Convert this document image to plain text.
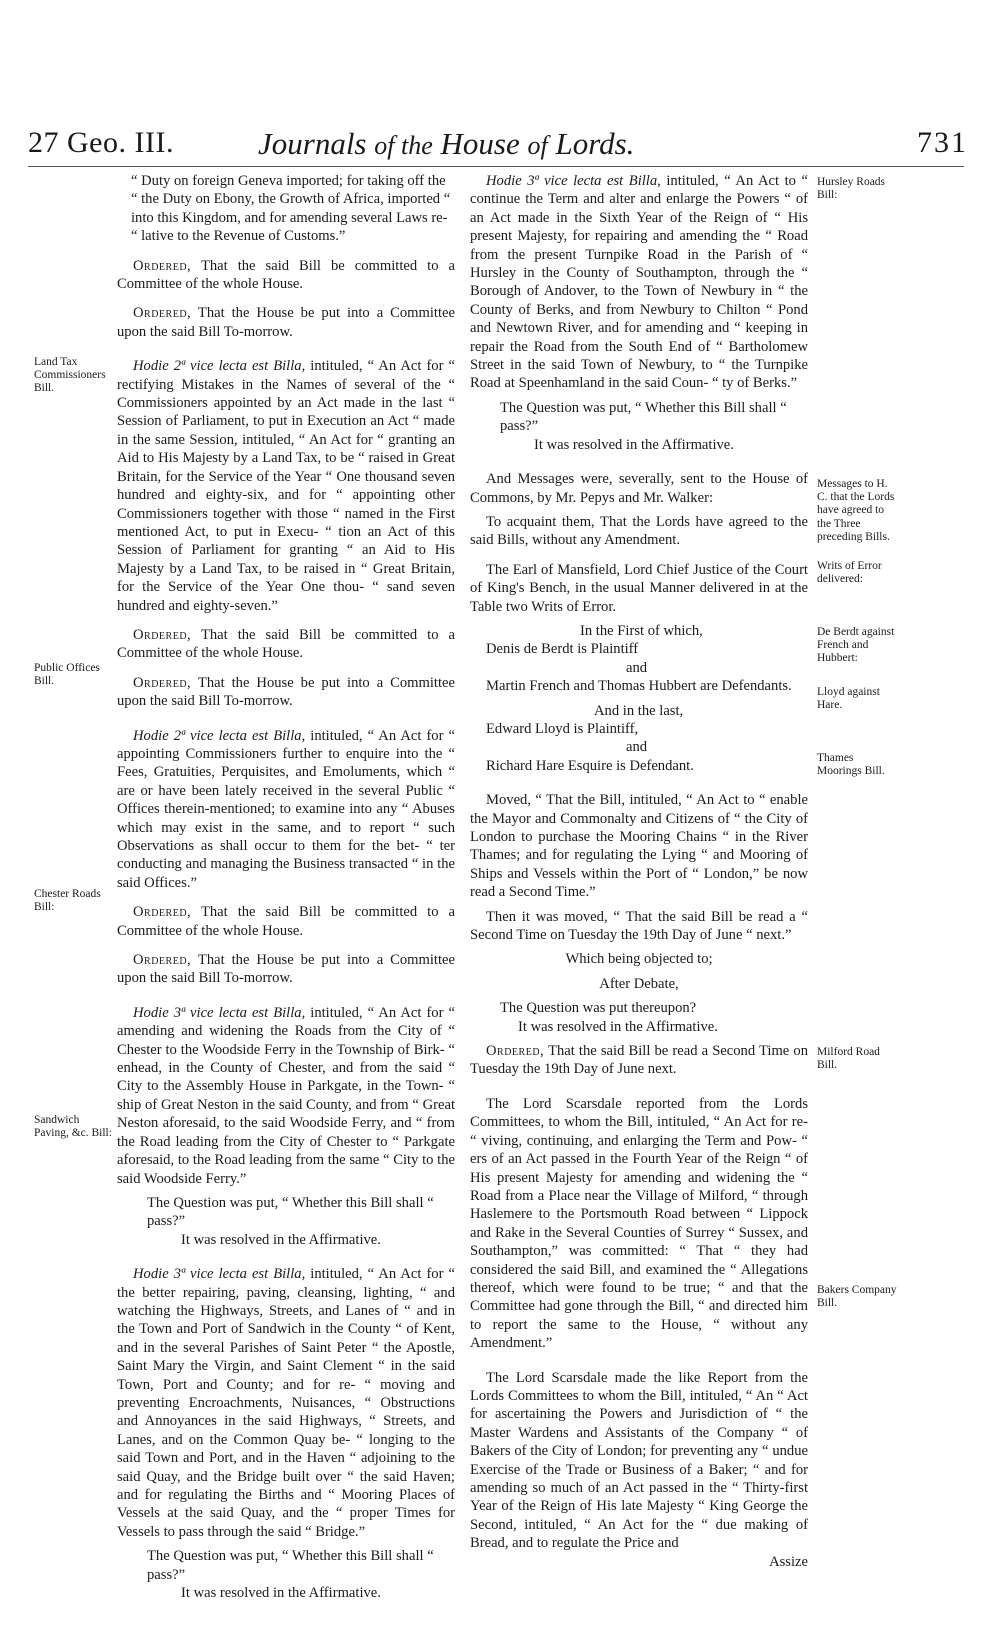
27 Geo. III.	Journals of the House of Lords.	731

“ Duty on foreign Geneva imported; for taking off the “ the Duty on Ebony, the Growth of Africa, imported “ into this Kingdom, and for amending several Laws re- “ lative to the Revenue of Customs.”

Ordered, That the said Bill be committed to a Committee of the whole House.

Ordered, That the House be put into a Committee upon the said Bill To-morrow.

Hodie 2ª vice lecta est Billa, intituled, “ An Act for “ rectifying Mistakes in the Names of several of the “ Commissioners appointed by an Act made in the last “ Session of Parliament, to put in Execution an Act “ made in the same Session, intituled, “ An Act for “ granting an Aid to His Majesty by a Land Tax, to be “ raised in Great Britain, for the Service of the Year “ One thousand seven hundred and eighty-six, and for “ appointing other Commissioners together with those “ named in the First mentioned Act, to put in Execu- “ tion an Act of this Session of Parliament for granting “ an Aid to His Majesty by a Land Tax, to be raised in “ Great Britain, for the Service of the Year One thou- “ sand seven hundred and eighty-seven.”

Ordered, That the said Bill be committed to a Committee of the whole House.

Ordered, That the House be put into a Committee upon the said Bill To-morrow.

Hodie 2ª vice lecta est Billa, intituled, “ An Act for “ appointing Commissioners further to enquire into the “ Fees, Gratuities, Perquisites, and Emoluments, which “ are or have been lately received in the several Public “ Offices therein-mentioned; to examine into any “ Abuses which may exist in the same, and to report “ such Observations as shall occur to them for the bet- “ ter conducting and managing the Business transacted “ in the said Offices.”

Ordered, That the said Bill be committed to a Committee of the whole House.

Ordered, That the House be put into a Committee upon the said Bill To-morrow.

Hodie 3ª vice lecta est Billa, intituled, “ An Act for “ amending and widening the Roads from the City of “ Chester to the Woodside Ferry in the Township of Birk- “ enhead, in the County of Chester, and from the said “ City to the Assembly House in Parkgate, in the Town- “ ship of Great Neston in the said County, and from “ Great Neston aforesaid, to the said Woodside Ferry, and “ from the Road leading from the City of Chester to “ Parkgate aforesaid, to the Road leading from the same “ City to the said Woodside Ferry.”

The Question was put, “ Whether this Bill shall “ pass?”

It was resolved in the Affirmative.

Hodie 3ª vice lecta est Billa, intituled, “ An Act for “ the better repairing, paving, cleansing, lighting, “ and watching the Highways, Streets, and Lanes of “ and in the Town and Port of Sandwich in the County “ of Kent, and in the several Parishes of Saint Peter “ the Apostle, Saint Mary the Virgin, and Saint Clement “ in the said Town, Port and County; and for re- “ moving and preventing Encroachments, Nuisances, “ Obstructions and Annoyances in the said Highways, “ Streets, and Lanes, and on the Common Quay be- “ longing to the said Town and Port, and in the Haven “ adjoining to the said Quay, and the Bridge built over “ the said Haven; and for regulating the Births and “ Mooring Places of Vessels at the said Quay, and the “ proper Times for Vessels to pass through the said “ Bridge.”

The Question was put, “ Whether this Bill shall “ pass?”

It was resolved in the Affirmative.

Land Tax Commissioners Bill.
Public Offices Bill.
Chester Roads Bill:
Sandwich Paving, &c. Bill:

Hodie 3ª vice lecta est Billa, intituled, “ An Act to “ continue the Term and alter and enlarge the Powers “ of an Act made in the Sixth Year of the Reign of “ His present Majesty, for repairing and amending the “ Road from the present Turnpike Road in the Parish of “ Hursley in the County of Southampton, through the “ Borough of Andover, to the Town of Newbury in “ the County of Berks, and from Newbury to Chilton “ Pond and Newtown River, and for amending and “ keeping in repair the Road from the South End of “ Bartholomew Street in the said Town of Newbury, to “ the Turnpike Road at Speenhamland in the said Coun- “ ty of Berks.”

The Question was put, “ Whether this Bill shall “ pass?”

It was resolved in the Affirmative.

And Messages were, severally, sent to the House of Commons, by Mr. Pepys and Mr. Walker:

To acquaint them, That the Lords have agreed to the said Bills, without any Amendment.

The Earl of Mansfield, Lord Chief Justice of the Court of King's Bench, in the usual Manner delivered in at the Table two Writs of Error.

In the First of which,

Denis de Berdt is Plaintiff

and

Martin French and Thomas Hubbert are Defendants.

And in the last,

Edward Lloyd is Plaintiff,

and

Richard Hare Esquire is Defendant.

Moved, “ That the Bill, intituled, “ An Act to “ enable the Mayor and Commonalty and Citizens of “ the City of London to purchase the Mooring Chains “ in the River Thames; and for regulating the Lying “ and Mooring of Ships and Vessels within the Port of “ London,” be now read a Second Time.”

Then it was moved, “ That the said Bill be read a “ Second Time on Tuesday the 19th Day of June “ next.”

Which being objected to;

After Debate,

The Question was put thereupon?

It was resolved in the Affirmative.

Ordered, That the said Bill be read a Second Time on Tuesday the 19th Day of June next.

The Lord Scarsdale reported from the Lords Committees, to whom the Bill, intituled, “ An Act for re- “ viving, continuing, and enlarging the Term and Pow- “ ers of an Act passed in the Fourth Year of the Reign “ of His present Majesty for amending and widening the “ Road from a Place near the Village of Milford, “ through Haslemere to the Portsmouth Road between “ Lippock and Rake in the Several Counties of Surrey “ Sussex, and Southampton,” was committed: “ That “ they had considered the said Bill, and examined the “ Allegations thereof, which were found to be true; “ and that the Committee had gone through the Bill, “ and directed him to report the same to the House, “ without any Amendment.”

The Lord Scarsdale made the like Report from the Lords Committees to whom the Bill, intituled, “ An “ Act for ascertaining the Powers and Jurisdiction of “ the Master Wardens and Assistants of the Company “ of Bakers of the City of London; for preventing any “ undue Exercise of the Trade or Business of a Baker; “ and for amending so much of an Act passed in the “ Thirty-first Year of the Reign of His late Majesty “ King George the Second, intituled, “ An Act for the “ due making of Bread, and to regulate the Price and

Assize

Hursley Roads Bill:
Messages to H. C. that the Lords have agreed to the Three preceding Bills.
Writs of Error delivered:
De Berdt against French and Hubbert:
Lloyd against Hare.
Thames Moorings Bill.
Milford Road Bill.
Bakers Company Bill.
